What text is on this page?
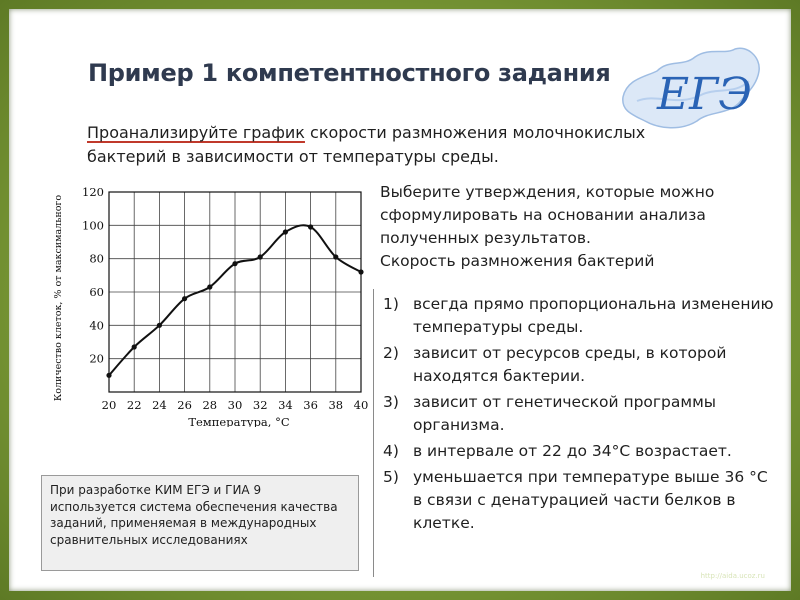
Пример 1 компетентностного задания ЕГЭ
Проанализируйте график скорости размножения молочнокислых бактерий в зависимости от температуры среды.
20 22 24 26 28 30 32 34 36 38 40
20
40
60
80
100
120
Температура, °С
Количество клеток, % от максимального
Выберите утверждения, которые можно сформулировать на основании анализа полученных результатов.
Скорость размножения бактерий
1) всегда прямо пропорциональна изменению температуры среды.
2) зависит от ресурсов среды, в которой находятся бактерии.
3) зависит от генетической программы организма.
4) в интервале от 22 до 34°С возрастает.
5) уменьшается при температуре выше 36 °С в связи с денатурацией части белков в клетке.
При разработке КИМ ЕГЭ и ГИА 9 используется система обеспечения качества заданий, применяемая в международных сравнительных исследованиях
http://aida.ucoz.ru
